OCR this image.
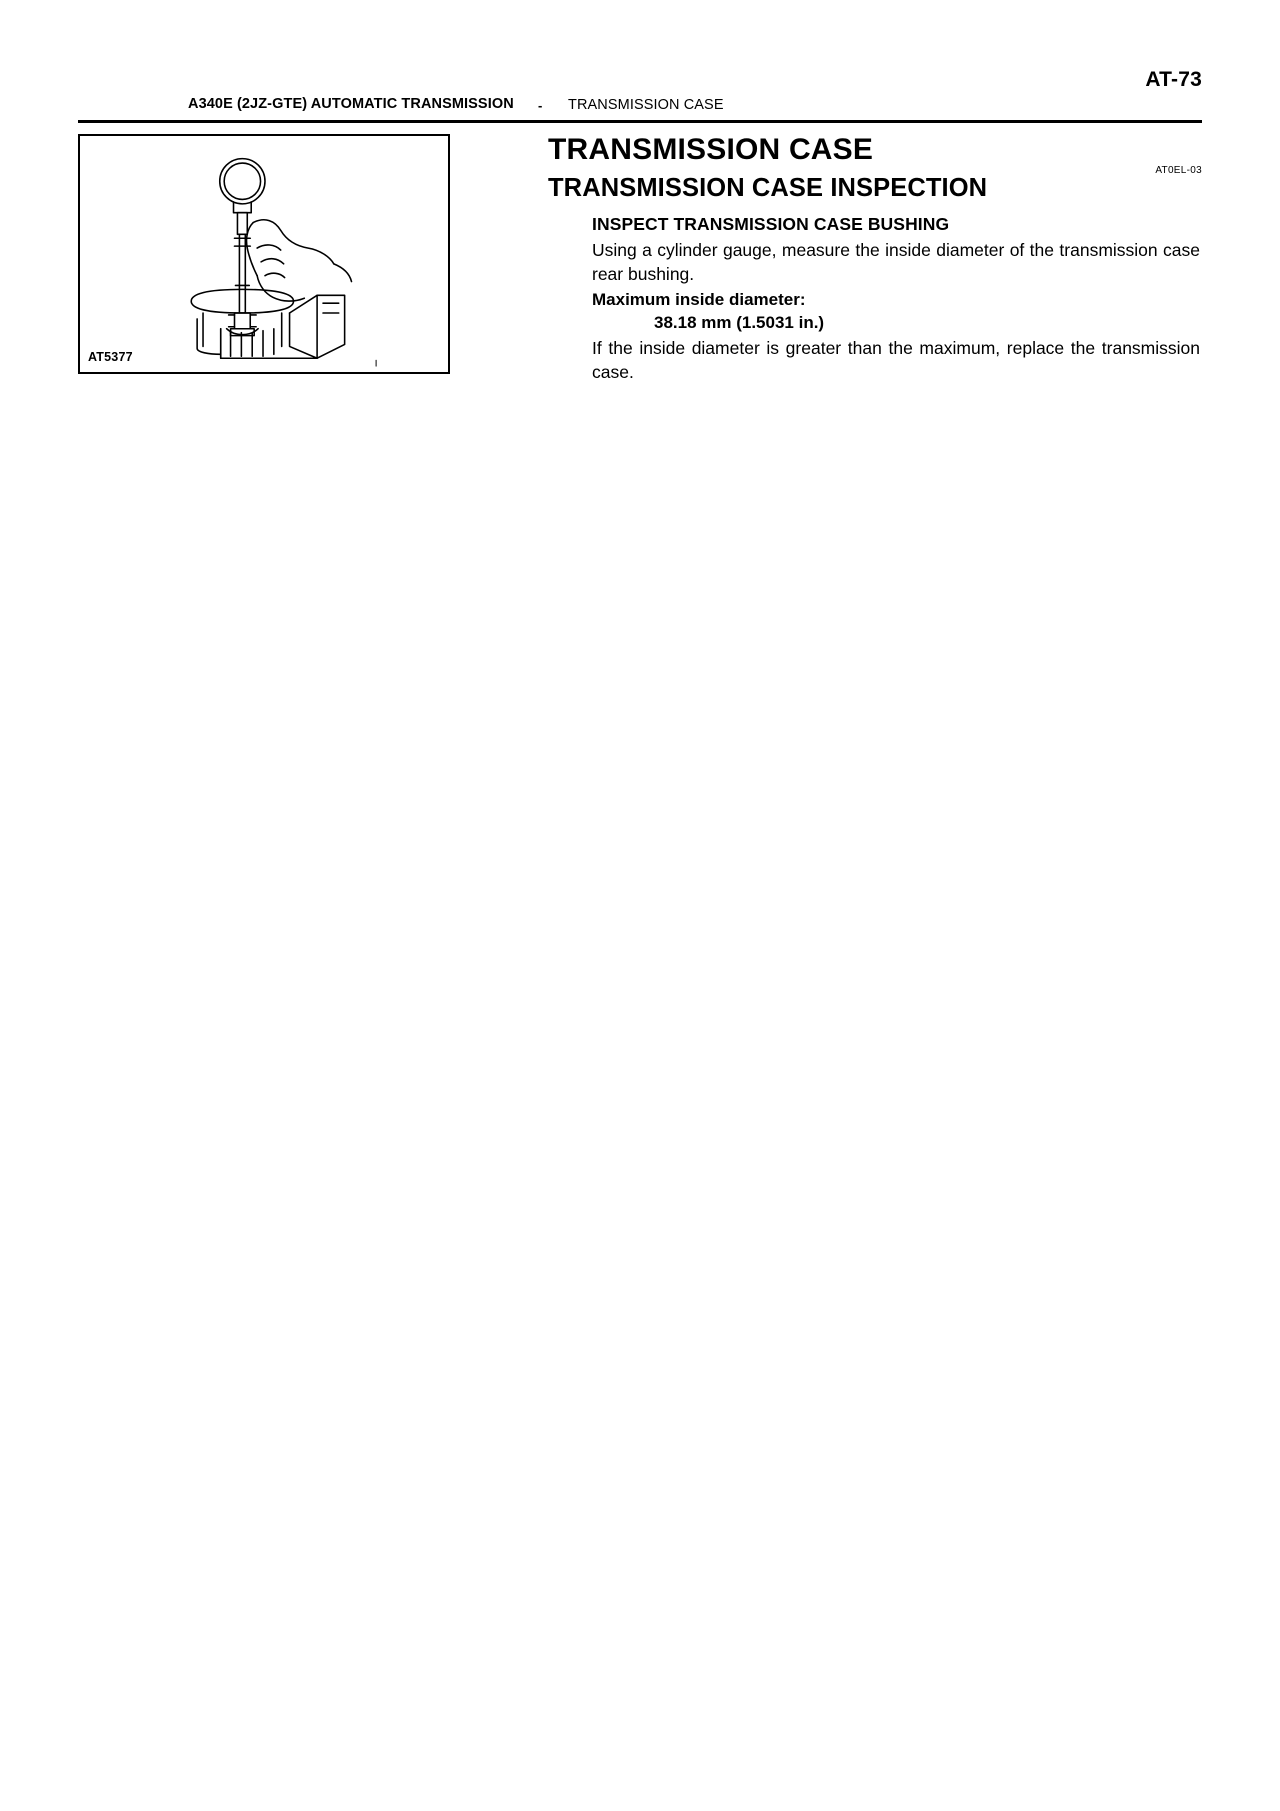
AT-73
A340E (2JZ-GTE) AUTOMATIC TRANSMISSION - TRANSMISSION CASE
AT5377
TRANSMISSION CASE
AT0EL-03
TRANSMISSION CASE INSPECTION
INSPECT TRANSMISSION CASE BUSHING

Using a cylinder gauge, measure the inside diameter of the transmission case rear bushing.

Maximum inside diameter:

38.18 mm (1.5031 in.)

If the inside diameter is greater than the maximum, replace the transmission case.
